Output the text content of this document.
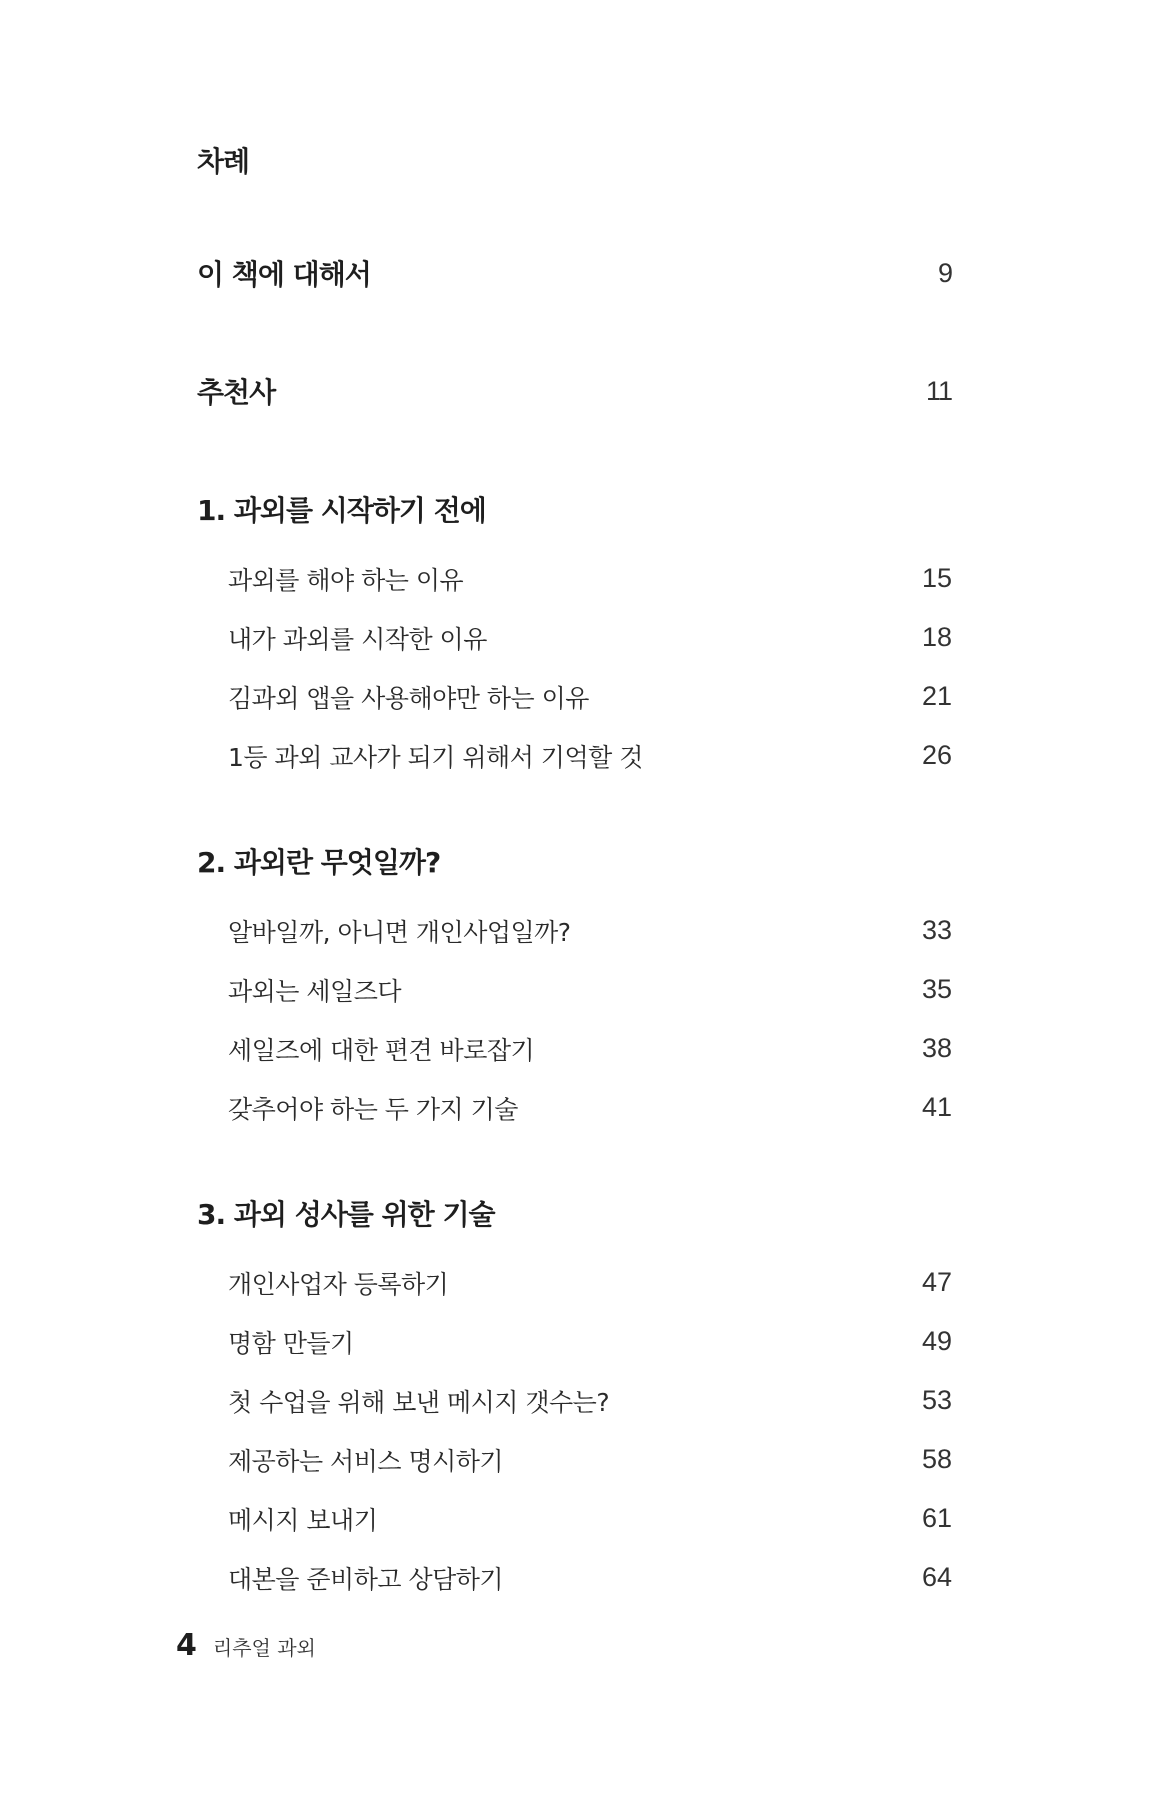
차례
이 책에 대해서	9
추천사	11
1. 과외를 시작하기 전에
과외를 해야 하는 이유	15
내가 과외를 시작한 이유	18
김과외 앱을 사용해야만 하는 이유	21
1등 과외 교사가 되기 위해서 기억할 것	26
2. 과외란 무엇일까?
알바일까, 아니면 개인사업일까?	33
과외는 세일즈다	35
세일즈에 대한 편견 바로잡기	38
갖추어야 하는 두 가지 기술	41
3. 과외 성사를 위한 기술
개인사업자 등록하기	47
명함 만들기	49
첫 수업을 위해 보낸 메시지 갯수는?	53
제공하는 서비스 명시하기	58
메시지 보내기	61
대본을 준비하고 상담하기	64
4 리추얼 과외
